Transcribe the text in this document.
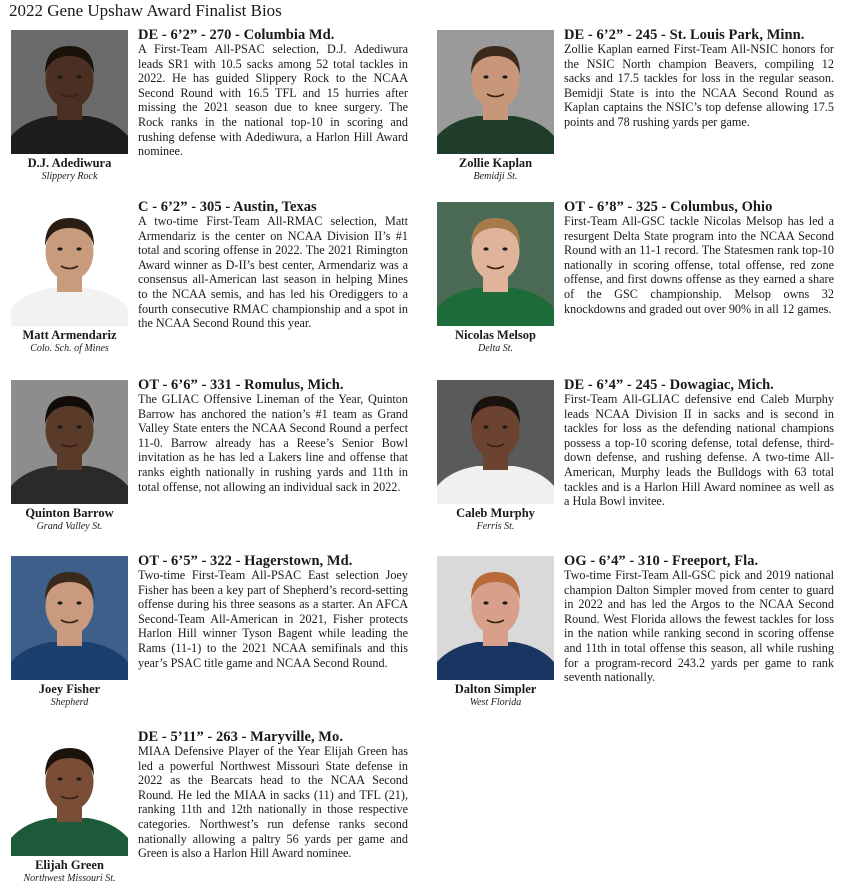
2022 Gene Upshaw Award Finalist Bios
D.J. Adediwura
Slippery Rock
DE - 6’2” - 270 - Columbia Md.
A First-Team All-PSAC selection, D.J. Adediwura leads SR1 with 10.5 sacks among 52 total tackles in 2022. He has guided Slippery Rock to the NCAA Second Round with 16.5 TFL and 15 hurries after missing the 2021 season due to knee surgery. The Rock ranks in the national top-10 in scoring and rushing defense with Adediwura, a Harlon Hill Award nominee.
Zollie Kaplan
Bemidji St.
DE - 6’2” - 245 - St. Louis Park, Minn.
Zollie Kaplan earned First-Team All-NSIC honors for the NSIC North champion Beavers, compiling 12 sacks and 17.5 tackles for loss in the regular season. Bemidji State is into the NCAA Second Round as Kaplan captains the NSIC’s top defense allowing 17.5 points and 78 rushing yards per game.
Matt Armendariz
Colo. Sch. of Mines
C - 6’2” - 305 - Austin, Texas
A two-time First-Team All-RMAC selection, Matt Armendariz is the center on NCAA Division II’s #1 total and scoring offense in 2022. The 2021 Rimington Award winner as D-II’s best center, Armendariz was a consensus all-American last season in helping Mines to the NCAA semis, and has led his Orediggers to a fourth consecutive RMAC championship and a spot in the NCAA Second Round this year.
Nicolas Melsop
Delta St.
OT - 6’8” - 325 - Columbus, Ohio
First-Team All-GSC tackle Nicolas Melsop has led a resurgent Delta State program into the NCAA Second Round with an 11-1 record. The Statesmen rank top-10 nationally in scoring offense, total offense, red zone offense, and first downs offense as they earned a share of the GSC championship. Melsop owns 32 knockdowns and graded out over 90% in all 12 games.
Quinton Barrow
Grand Valley St.
OT - 6’6” - 331 - Romulus, Mich.
The GLIAC Offensive Lineman of the Year, Quinton Barrow has anchored the nation’s #1 team as Grand Valley State enters the NCAA Second Round a perfect 11-0. Barrow already has a Reese’s Senior Bowl invitation as he has led a Lakers line and offense that ranks eighth nationally in rushing yards and 11th in total offense, not allowing an individual sack in 2022.
Caleb Murphy
Ferris St.
DE - 6’4” - 245 - Dowagiac, Mich.
First-Team All-GLIAC defensive end Caleb Murphy leads NCAA Division II in sacks and is second in tackles for loss as the defending national champions possess a top-10 scoring defense, total defense, third-down defense, and rushing defense. A two-time All-American, Murphy leads the Bulldogs with 63 total tackles and is a Harlon Hill Award nominee as well as a Hula Bowl invitee.
Joey Fisher
Shepherd
OT - 6’5” - 322 - Hagerstown, Md.
Two-time First-Team All-PSAC East selection Joey Fisher has been a key part of Shepherd’s record-setting offense during his three seasons as a starter. An AFCA Second-Team All-American in 2021, Fisher protects Harlon Hill winner Tyson Bagent while leading the Rams (11-1) to the 2021 NCAA semifinals and this year’s PSAC title game and NCAA Second Round.
Dalton Simpler
West Florida
OG - 6’4” - 310 - Freeport, Fla.
Two-time First-Team All-GSC pick and 2019 national champion Dalton Simpler moved from center to guard in 2022 and has led the Argos to the NCAA Second Round. West Florida allows the fewest tackles for loss in the nation while ranking second in scoring offense and 11th in total offense this season, all while rushing for a program-record 243.2 yards per game to rank seventh nationally.
Elijah Green
Northwest Missouri St.
DE - 5’11” - 263 - Maryville, Mo.
MIAA Defensive Player of the Year Elijah Green has led a powerful Northwest Missouri State defense in 2022 as the Bearcats head to the NCAA Second Round. He led the MIAA in sacks (11) and TFL (21), ranking 11th and 12th nationally in those respective categories. Northwest’s run defense ranks second nationally allowing a paltry 56 yards per game and Green is also a Harlon Hill Award nominee.
